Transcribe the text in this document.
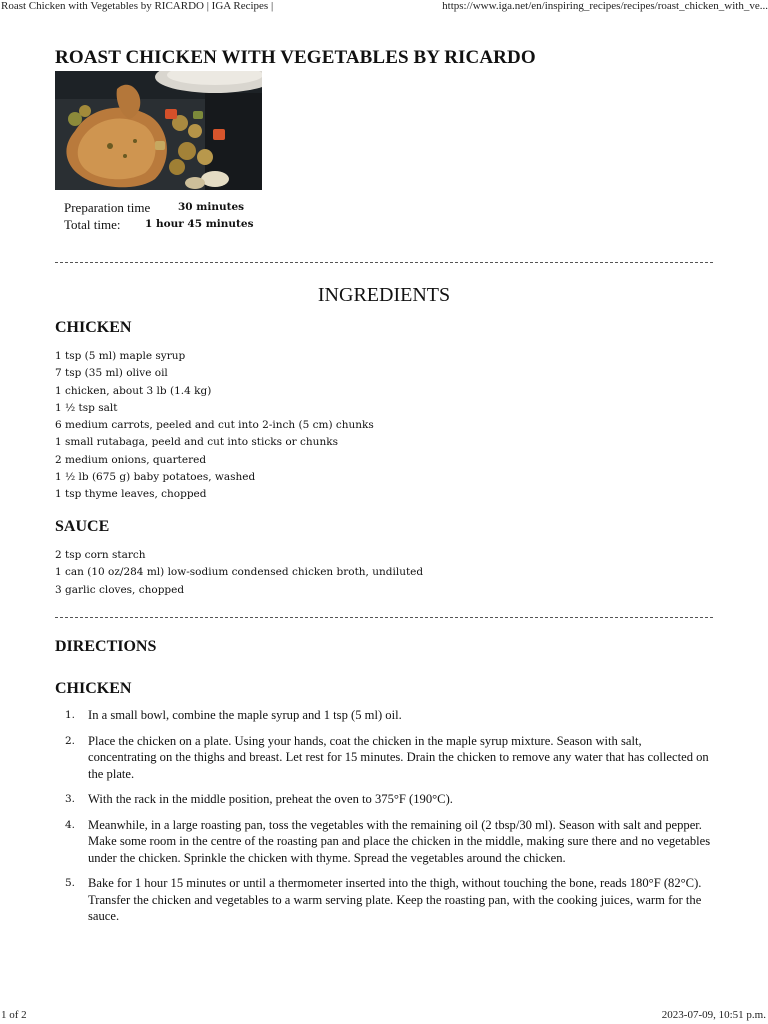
Roast Chicken with Vegetables by RICARDO | IGA Recipes |	https://www.iga.net/en/inspiring_recipes/recipes/roast_chicken_with_ve...
ROAST CHICKEN WITH VEGETABLES BY RICARDO
Preparation time	30 minutes
Total time: 1 hour 45 minutes
INGREDIENTS
CHICKEN
1 tsp (5 ml) maple syrup
7 tsp (35 ml) olive oil
1 chicken, about 3 lb (1.4 kg)
1 ½ tsp salt
6 medium carrots, peeled and cut into 2-inch (5 cm) chunks
1 small rutabaga, peeld and cut into sticks or chunks
2 medium onions, quartered
1 ½ lb (675 g) baby potatoes, washed
1 tsp thyme leaves, chopped
SAUCE
2 tsp corn starch
1 can (10 oz/284 ml) low-sodium condensed chicken broth, undiluted
3 garlic cloves, chopped
DIRECTIONS
CHICKEN
1. In a small bowl, combine the maple syrup and 1 tsp (5 ml) oil.
2. Place the chicken on a plate. Using your hands, coat the chicken in the maple syrup mixture. Season with salt, concentrating on the thighs and breast. Let rest for 15 minutes. Drain the chicken to remove any water that has collected on the plate.
3. With the rack in the middle position, preheat the oven to 375°F (190°C).
4. Meanwhile, in a large roasting pan, toss the vegetables with the remaining oil (2 tbsp/30 ml). Season with salt and pepper. Make some room in the centre of the roasting pan and place the chicken in the middle, making sure there and no vegetables under the chicken. Sprinkle the chicken with thyme. Spread the vegetables around the chicken.
5. Bake for 1 hour 15 minutes or until a thermometer inserted into the thigh, without touching the bone, reads 180°F (82°C). Transfer the chicken and vegetables to a warm serving plate. Keep the roasting pan, with the cooking juices, warm for the sauce.
1 of 2	2023-07-09, 10:51 p.m.
